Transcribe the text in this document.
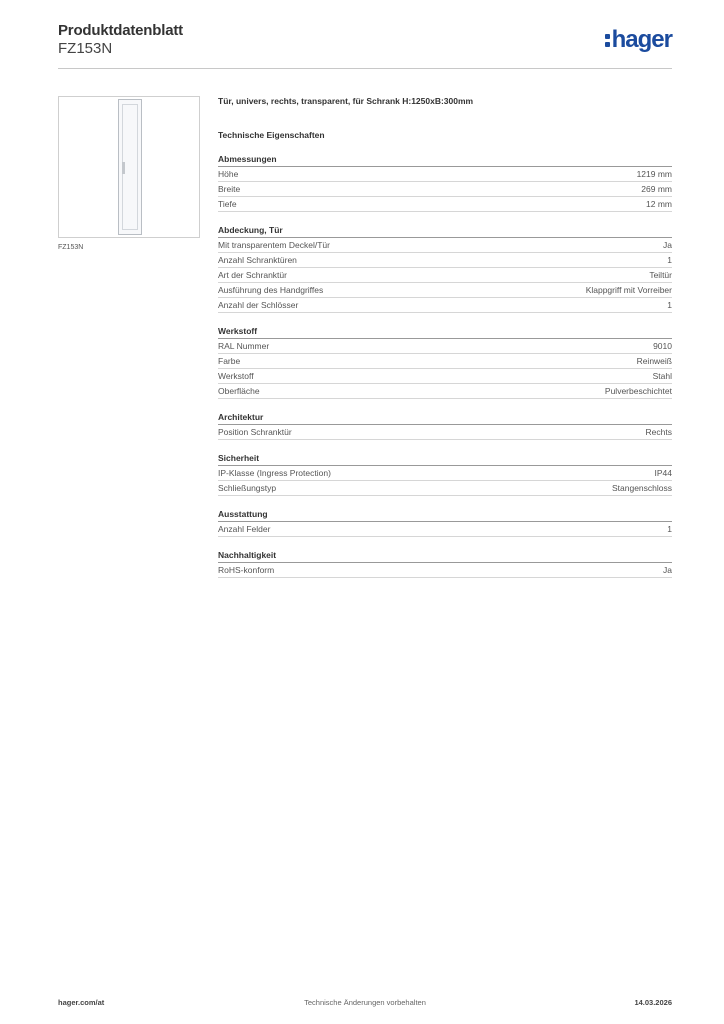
Produktdatenblatt
FZ153N	hager
FZ153N
Tür, univers, rechts, transparent, für Schrank H:1250xB:300mm
Technische Eigenschaften
Abmessungen
Höhe	1219 mm
Breite	269 mm
Tiefe	12 mm
Abdeckung, Tür
Mit transparentem Deckel/Tür	Ja
Anzahl Schranktüren	1
Art der Schranktür	Teiltür
Ausführung des Handgriffes	Klappgriff mit Vorreiber
Anzahl der Schlösser	1
Werkstoff
RAL Nummer	9010
Farbe	Reinweiß
Werkstoff	Stahl
Oberfläche	Pulverbeschichtet
Architektur
Position Schranktür	Rechts
Sicherheit
IP-Klasse (Ingress Protection)	IP44
Schließungstyp	Stangenschloss
Ausstattung
Anzahl Felder	1
Nachhaltigkeit
RoHS-konform	Ja
hager.com/at	Technische Änderungen vorbehalten	14.03.2026
